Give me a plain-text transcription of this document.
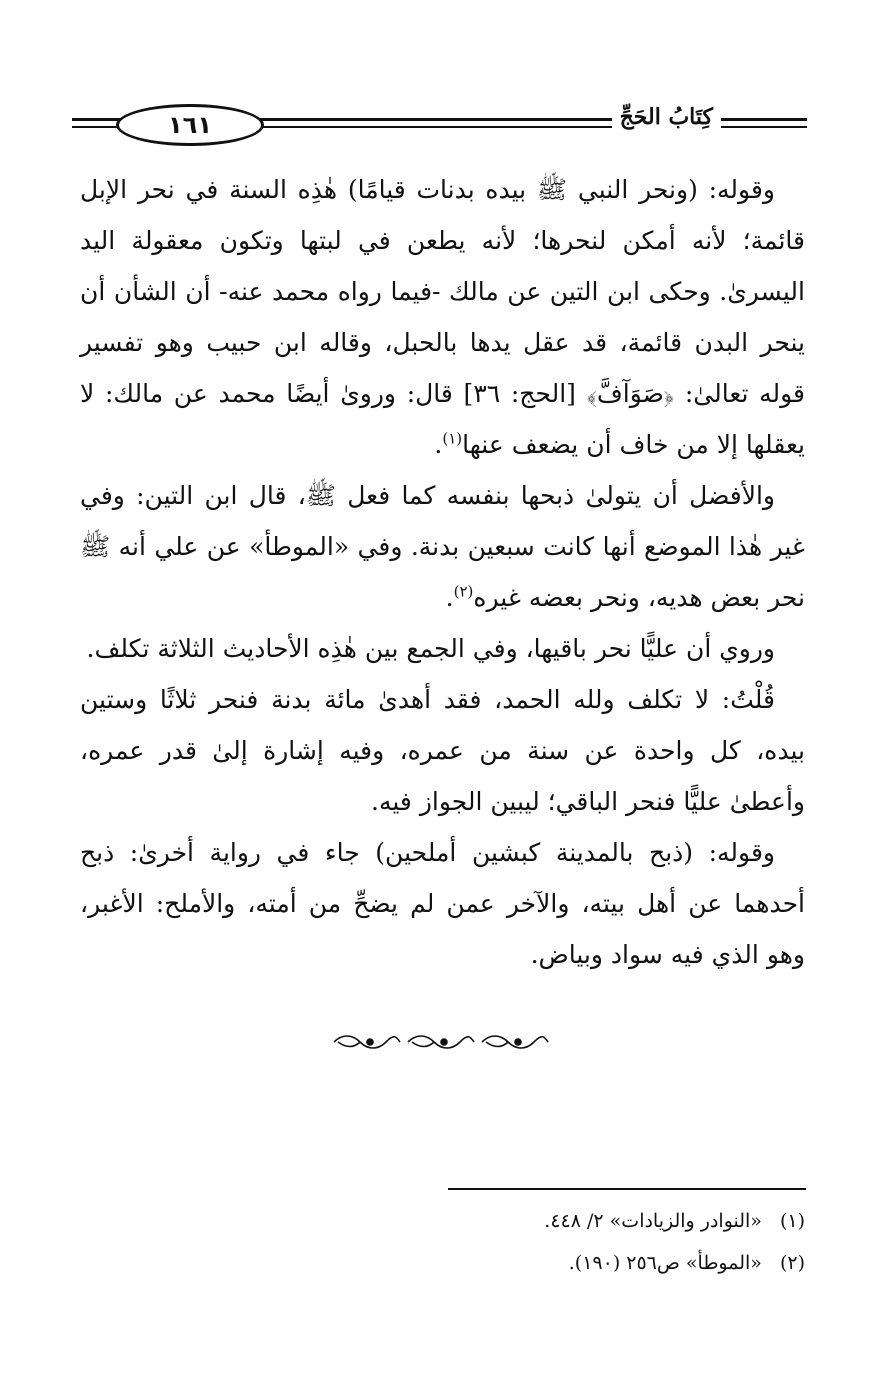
١٦١	كِتَابُ الحَجِّ

وقوله: (ونحر النبي ﷺ بيده بدنات قيامًا) هٰذِه السنة في نحر الإبل قائمة؛ لأنه أمكن لنحرها؛ لأنه يطعن في لبتها وتكون معقولة اليد اليسرىٰ. وحكى ابن التين عن مالك -فيما رواه محمد عنه- أن الشأن أن ينحر البدن قائمة، قد عقل يدها بالحبل، وقاله ابن حبيب وهو تفسير قوله تعالىٰ: ﴿صَوَآفَّ﴾ [الحج: ٣٦] قال: وروىٰ أيضًا محمد عن مالك: لا يعقلها إلا من خاف أن يضعف عنها$^{(١)}$.

والأفضل أن يتولىٰ ذبحها بنفسه كما فعل ﷺ، قال ابن التين: وفي غير هٰذا الموضع أنها كانت سبعين بدنة. وفي «الموطأ» عن علي أنه ﷺ نحر بعض هديه، ونحر بعضه غيره$^{(٢)}$.

وروي أن عليًّا نحر باقيها، وفي الجمع بين هٰذِه الأحاديث الثلاثة تكلف.

قُلْتُ: لا تكلف ولله الحمد، فقد أهدىٰ مائة بدنة فنحر ثلاثًا وستين بيده، كل واحدة عن سنة من عمره، وفيه إشارة إلىٰ قدر عمره، وأعطىٰ عليًّا فنحر الباقي؛ ليبين الجواز فيه.

وقوله: (ذبح بالمدينة كبشين أملحين) جاء في رواية أخرىٰ: ذبح أحدهما عن أهل بيته، والآخر عمن لم يضحِّ من أمته، والأملح: الأغبر، وهو الذي فيه سواد وبياض.

(١)«النوادر والزيادات» ٢/ ٤٤٨.
(٢)«الموطأ» ص٢٥٦ (١٩٠).
